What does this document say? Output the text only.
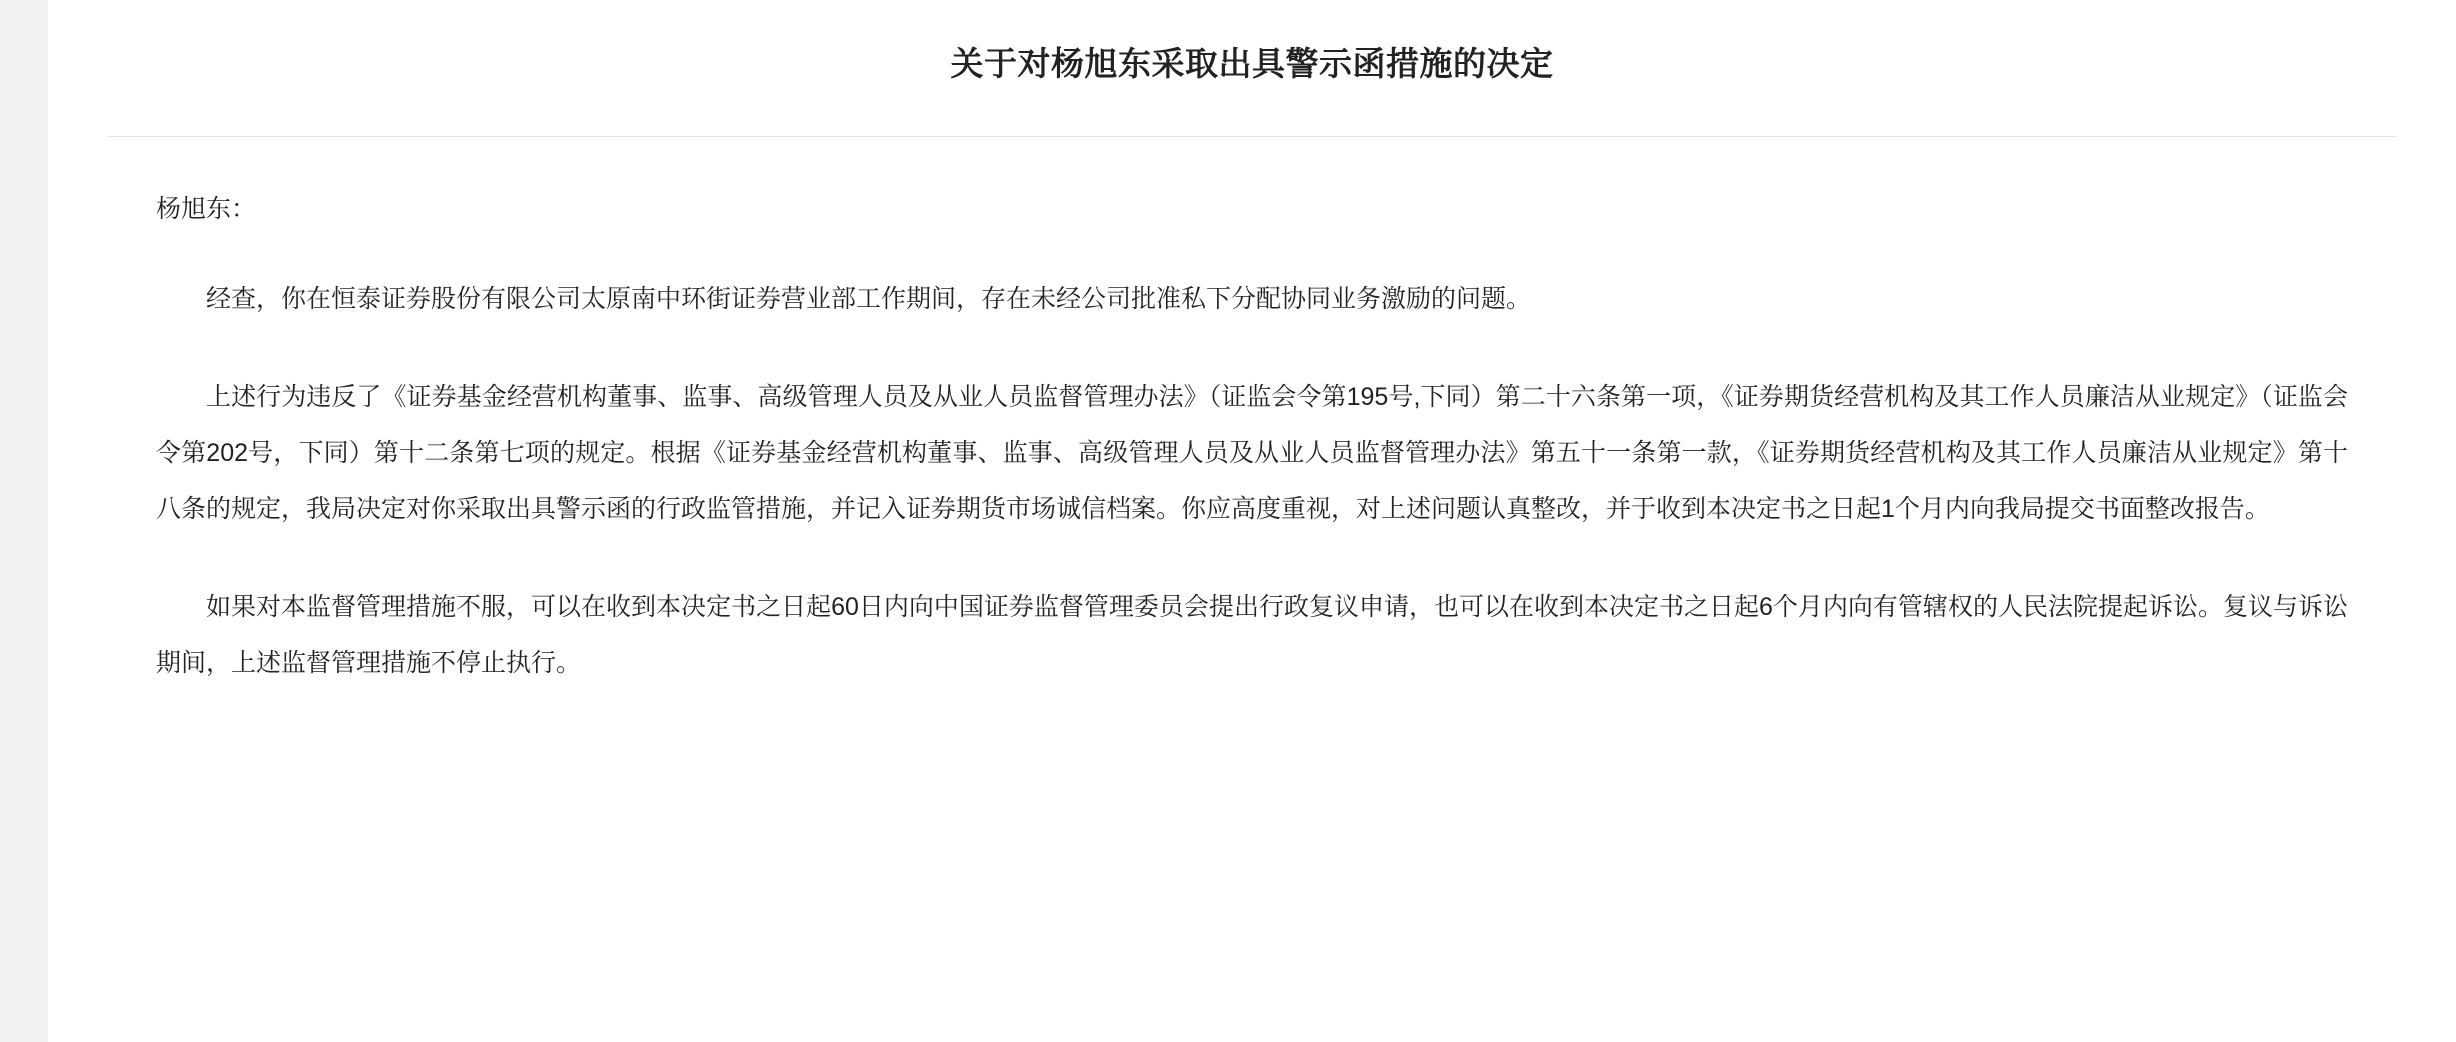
关于对杨旭东采取出具警示函措施的决定

杨旭东：

经查，你在恒泰证券股份有限公司太原南中环街证券营业部工作期间，存在未经公司批准私下分配协同业务激励的问题。

上述行为违反了《证券基金经营机构董事、监事、高级管理人员及从业人员监督管理办法》（证监会令第195号,下同）第二十六条第一项，《证券期货经营机构及其工作人员廉洁从业规定》（证监会令第202号，下同）第十二条第七项的规定。根据《证券基金经营机构董事、监事、高级管理人员及从业人员监督管理办法》第五十一条第一款，《证券期货经营机构及其工作人员廉洁从业规定》第十八条的规定，我局决定对你采取出具警示函的行政监管措施，并记入证券期货市场诚信档案。你应高度重视，对上述问题认真整改，并于收到本决定书之日起1个月内向我局提交书面整改报告。

如果对本监督管理措施不服，可以在收到本决定书之日起60日内向中国证券监督管理委员会提出行政复议申请，也可以在收到本决定书之日起6个月内向有管辖权的人民法院提起诉讼。复议与诉讼期间，上述监督管理措施不停止执行。
